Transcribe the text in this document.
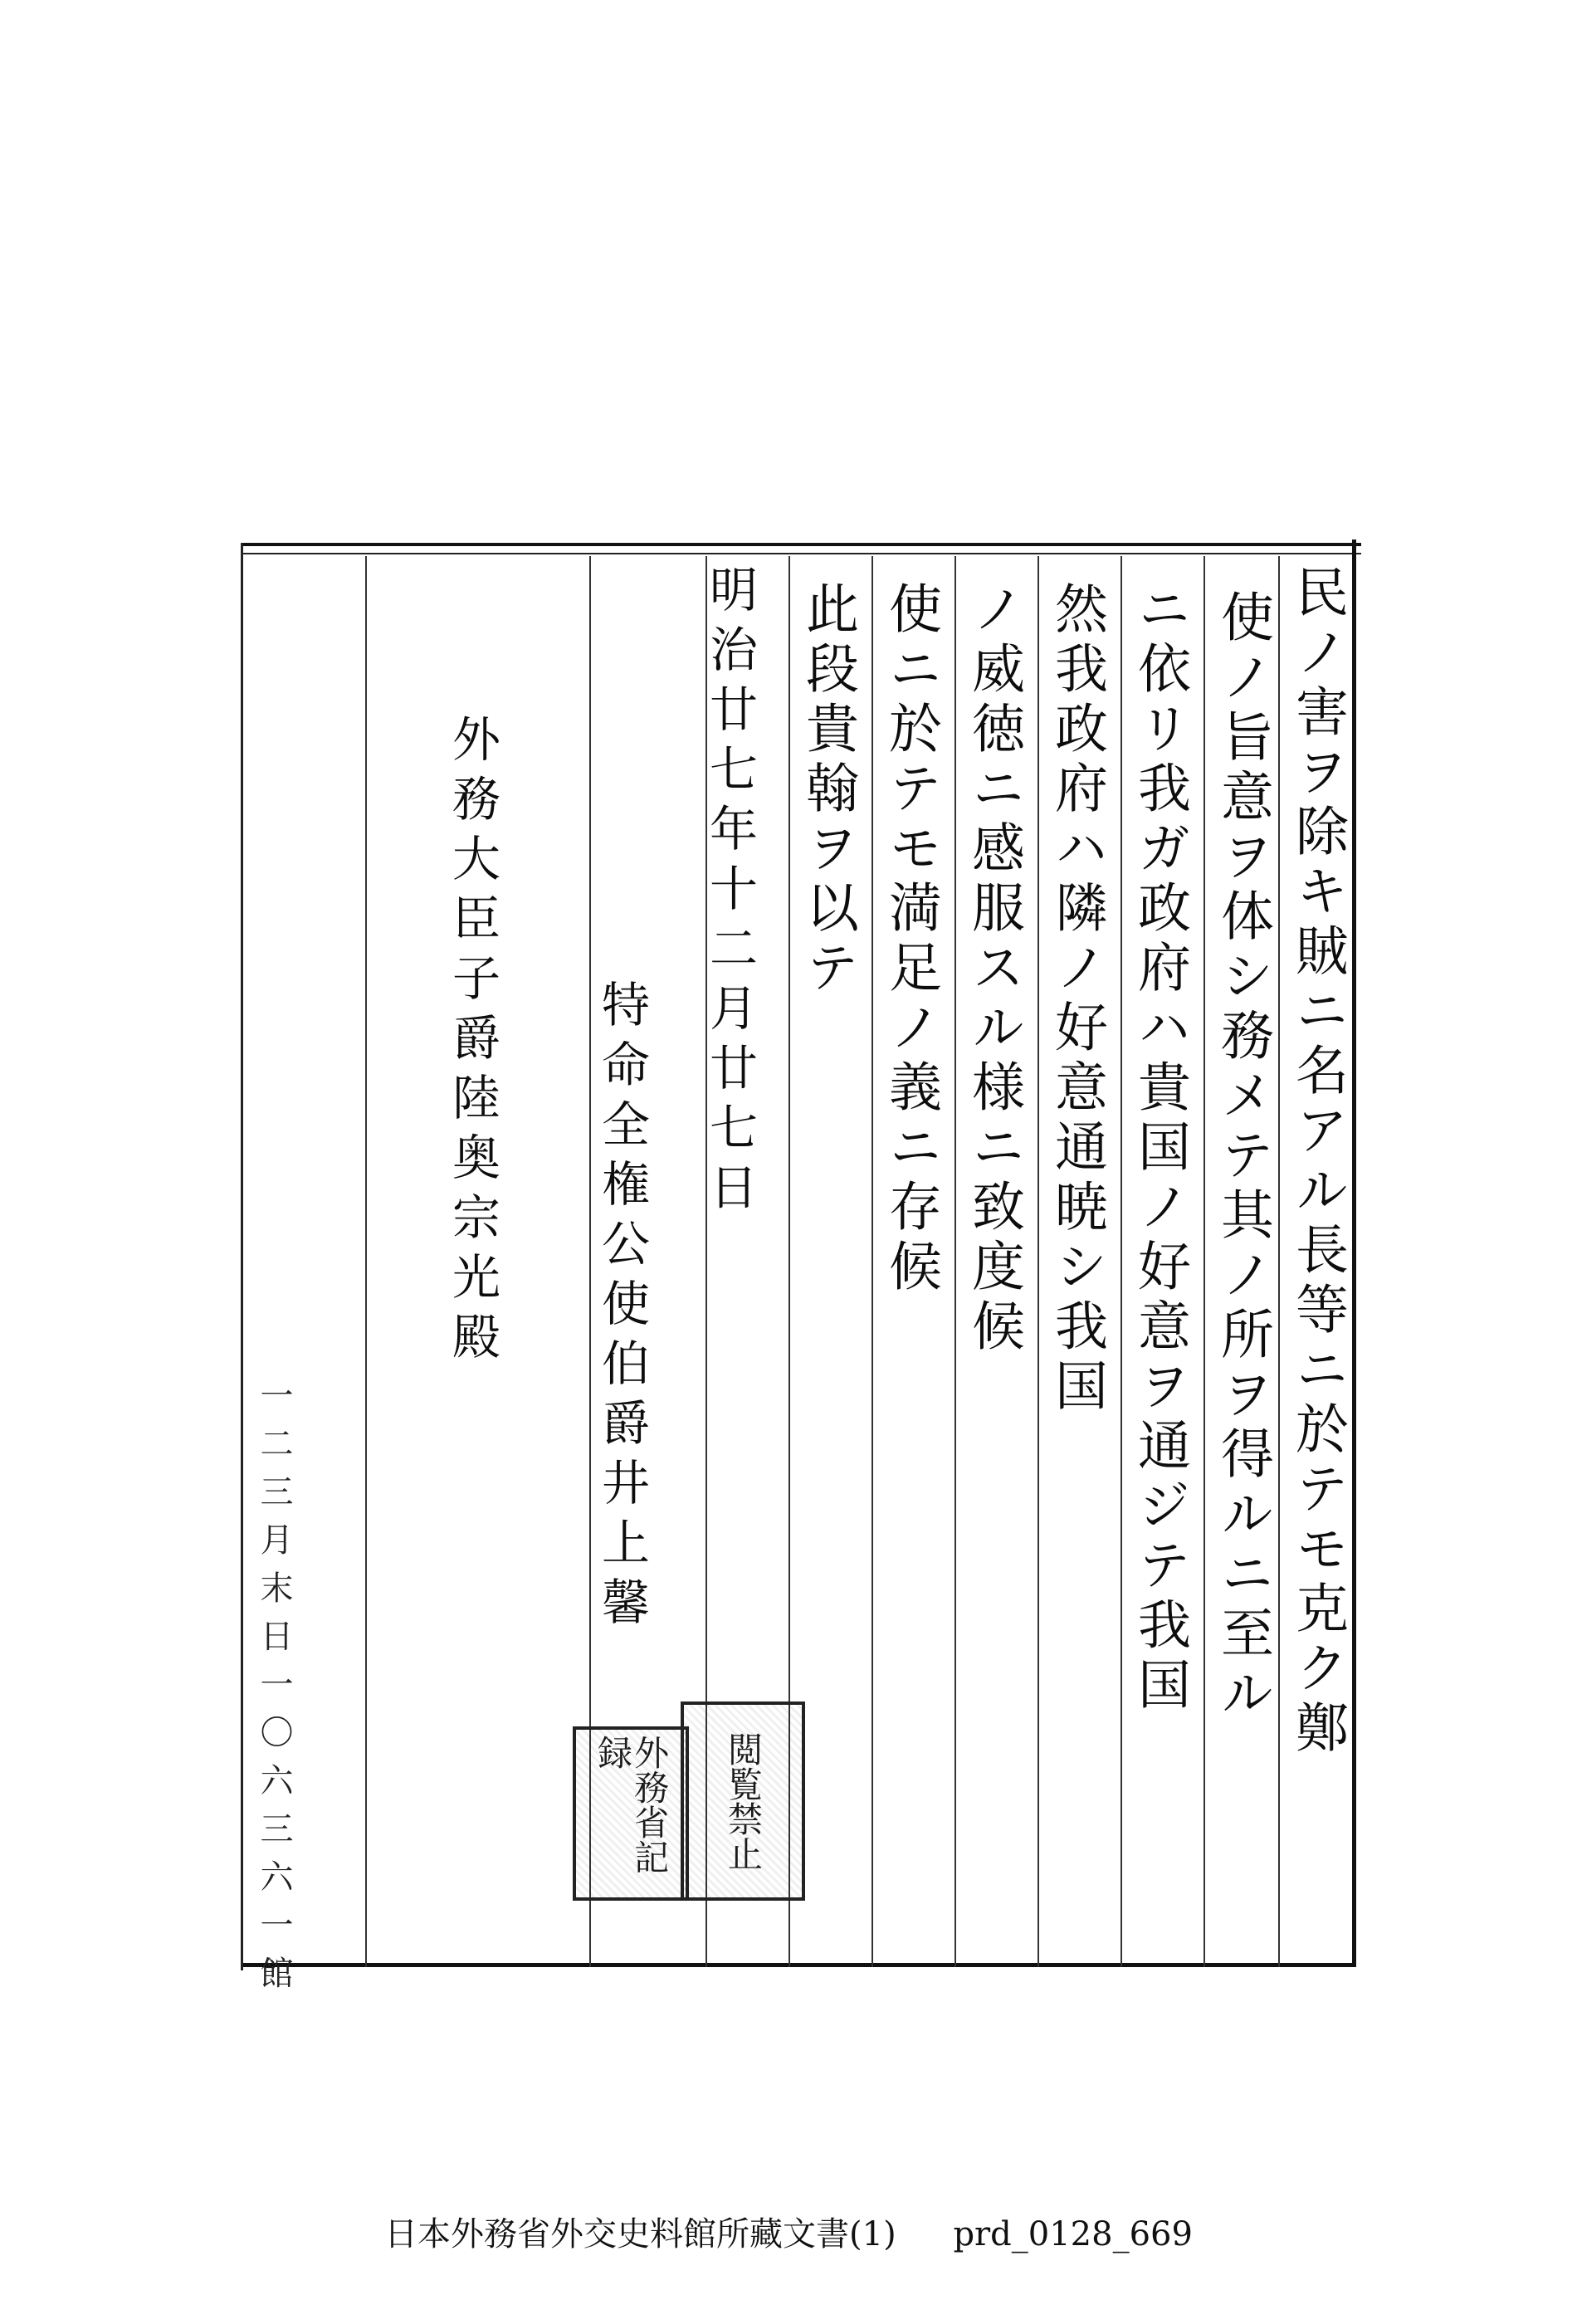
民ノ害ヲ除キ賊ニ名アル長等ニ於テモ克ク鄭
使ノ旨意ヲ体シ務メテ其ノ所ヲ得ルニ至ル
ニ依リ我ガ政府ハ貴国ノ好意ヲ通ジテ我国
然我政府ハ隣ノ好意通暁シ我国
ノ威徳ニ感服スル様ニ致度候
使ニ於テモ満足ノ義ニ存候
此段貴翰ヲ以テ
明治廿七年十二月廿七日
特命全権公使伯爵井上馨
外務大臣子爵陸奥宗光殿
一二三月末日一〇六三六一館	外務省記録	閲覧禁止
日本外務省外交史料館所藏文書(1) prd_0128_669
